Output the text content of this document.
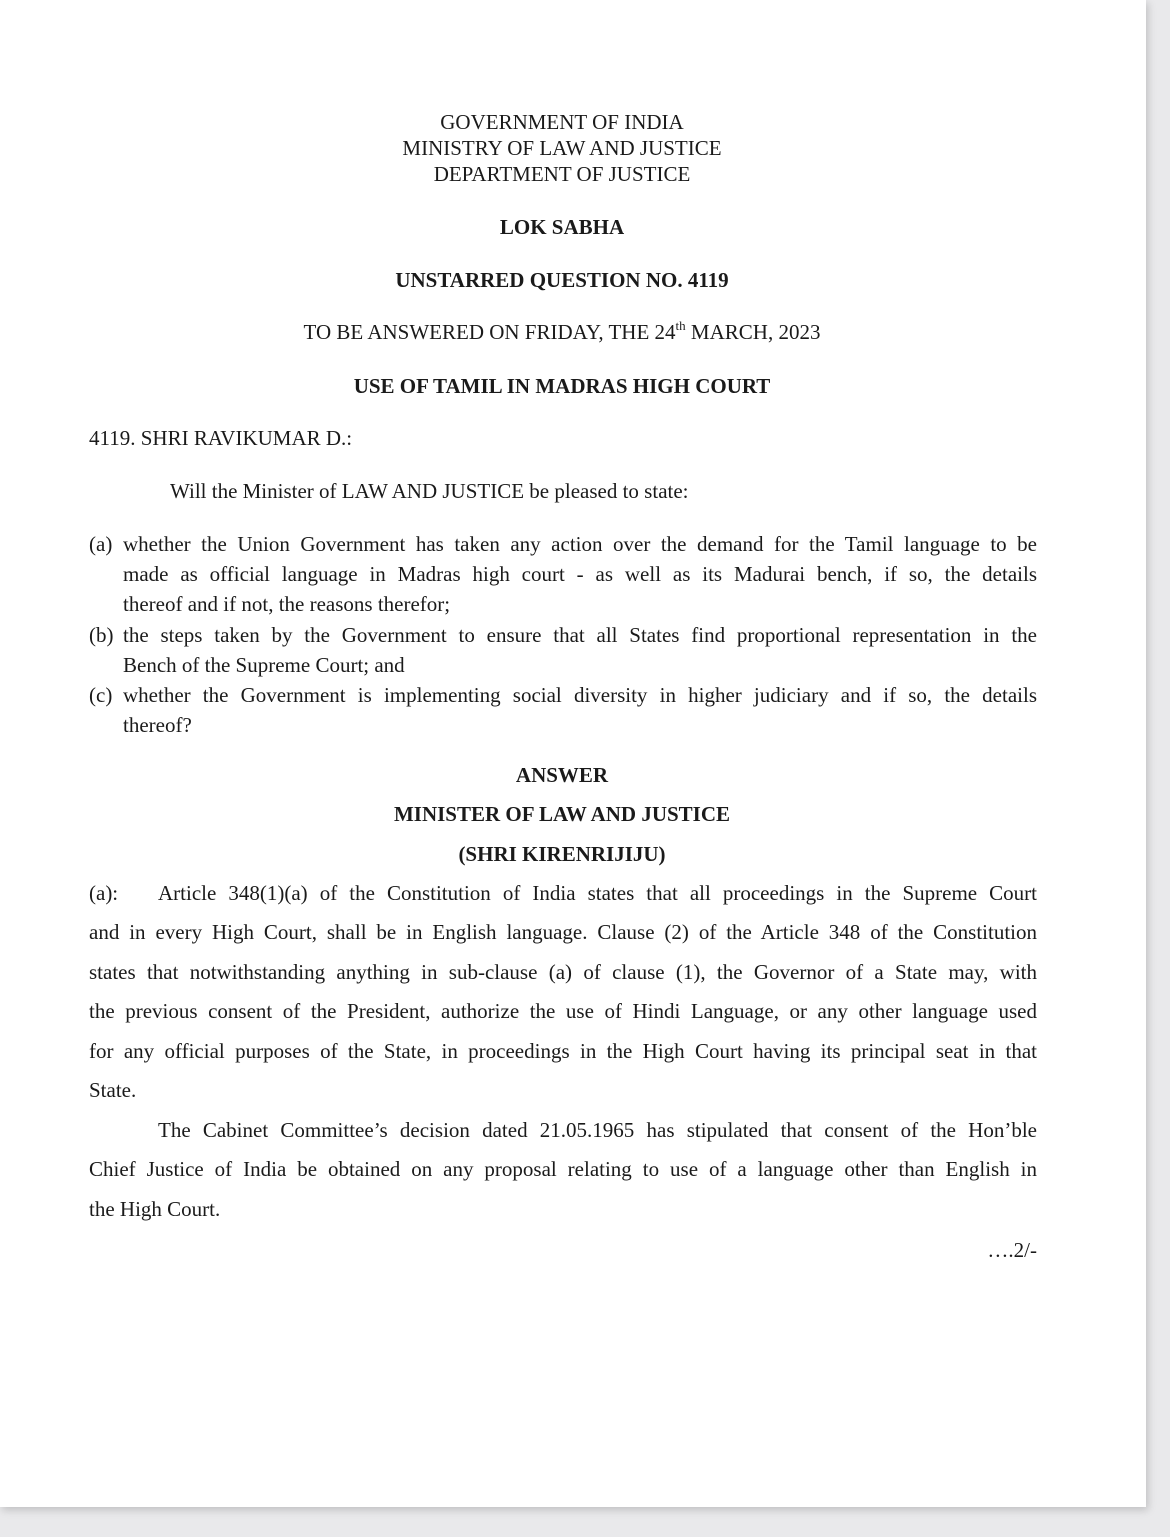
GOVERNMENT OF INDIA
MINISTRY OF LAW AND JUSTICE
DEPARTMENT OF JUSTICE
LOK SABHA
UNSTARRED QUESTION NO. 4119
TO BE ANSWERED ON FRIDAY, THE 24th MARCH, 2023
USE OF TAMIL IN MADRAS HIGH COURT
4119. SHRI RAVIKUMAR D.:
Will the Minister of LAW AND JUSTICE be pleased to state:
(a) whether the Union Government has taken any action over the demand for the Tamil language to be
made as official language in Madras high court - as well as its Madurai bench, if so, the details
thereof and if not, the reasons therefor;
(b) the steps taken by the Government to ensure that all States find proportional representation in the
Bench of the Supreme Court; and
(c) whether the Government is implementing social diversity in higher judiciary and if so, the details
thereof?
ANSWER
MINISTER OF LAW AND JUSTICE
(SHRI KIRENRIJIJU)
(a): Article 348(1)(a) of the Constitution of India states that all proceedings in the Supreme Court
and in every High Court, shall be in English language. Clause (2) of the Article 348 of the Constitution
states that notwithstanding anything in sub-clause (a) of clause (1), the Governor of a State may, with
the previous consent of the President, authorize the use of Hindi Language, or any other language used
for any official purposes of the State, in proceedings in the High Court having its principal seat in that
State.
The Cabinet Committee’s decision dated 21.05.1965 has stipulated that consent of the Hon’ble
Chief Justice of India be obtained on any proposal relating to use of a language other than English in
the High Court.
….2/-
